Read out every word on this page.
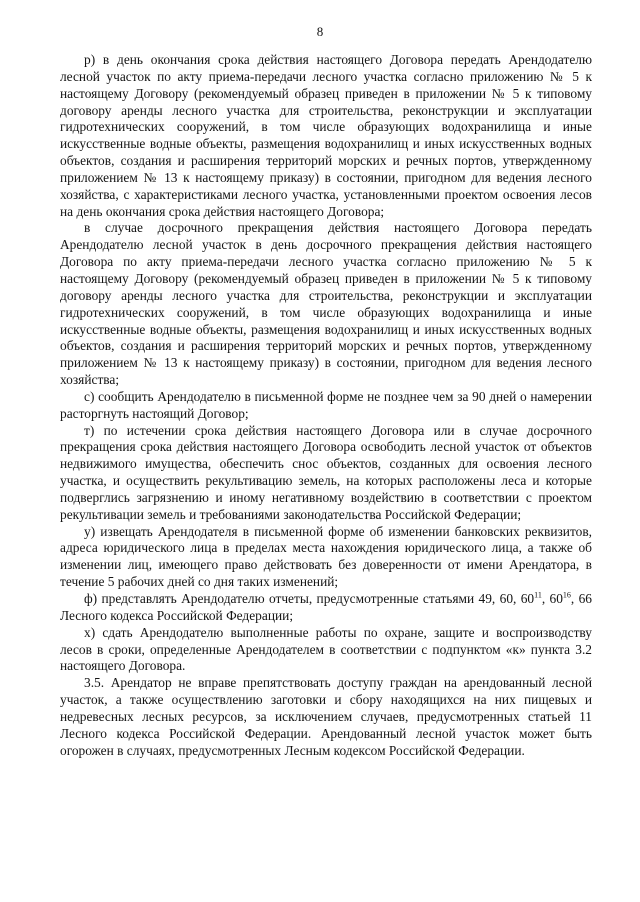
8

р) в день окончания срока действия настоящего Договора передать Арендодателю лесной участок по акту приема-передачи лесного участка согласно приложению № 5 к настоящему Договору (рекомендуемый образец приведен в приложении № 5 к типовому договору аренды лесного участка для строительства, реконструкции и эксплуатации гидротехнических сооружений, в том числе образующих водохранилища и иные искусственные водные объекты, размещения водохранилищ и иных искусственных водных объектов, создания и расширения территорий морских и речных портов, утвержденному приложением № 13 к настоящему приказу) в состоянии, пригодном для ведения лесного хозяйства, с характеристиками лесного участка, установленными проектом освоения лесов на день окончания срока действия настоящего Договора;

в случае досрочного прекращения действия настоящего Договора передать Арендодателю лесной участок в день досрочного прекращения действия настоящего Договора по акту приема-передачи лесного участка согласно приложению № 5 к настоящему Договору (рекомендуемый образец приведен в приложении № 5 к типовому договору аренды лесного участка для строительства, реконструкции и эксплуатации гидротехнических сооружений, в том числе образующих водохранилища и иные искусственные водные объекты, размещения водохранилищ и иных искусственных водных объектов, создания и расширения территорий морских и речных портов, утвержденному приложением № 13 к настоящему приказу) в состоянии, пригодном для ведения лесного хозяйства;

с) сообщить Арендодателю в письменной форме не позднее чем за 90 дней о намерении расторгнуть настоящий Договор;

т) по истечении срока действия настоящего Договора или в случае досрочного прекращения срока действия настоящего Договора освободить лесной участок от объектов недвижимого имущества, обеспечить снос объектов, созданных для освоения лесного участка, и осуществить рекультивацию земель, на которых расположены леса и которые подверглись загрязнению и иному негативному воздействию в соответствии с проектом рекультивации земель и требованиями законодательства Российской Федерации;

у) извещать Арендодателя в письменной форме об изменении банковских реквизитов, адреса юридического лица в пределах места нахождения юридического лица, а также об изменении лиц, имеющего право действовать без доверенности от имени Арендатора, в течение 5 рабочих дней со дня таких изменений;

ф) представлять Арендодателю отчеты, предусмотренные статьями 49, 60, $60^{11}$, $60^{16}$, 66 Лесного кодекса Российской Федерации;

х) сдать Арендодателю выполненные работы по охране, защите и воспроизводству лесов в сроки, определенные Арендодателем в соответствии с подпунктом «к» пункта 3.2 настоящего Договора.

3.5. Арендатор не вправе препятствовать доступу граждан на арендованный лесной участок, а также осуществлению заготовки и сбору находящихся на них пищевых и недревесных лесных ресурсов, за исключением случаев, предусмотренных статьей 11 Лесного кодекса Российской Федерации. Арендованный лесной участок может быть огорожен в случаях, предусмотренных Лесным кодексом Российской Федерации.
